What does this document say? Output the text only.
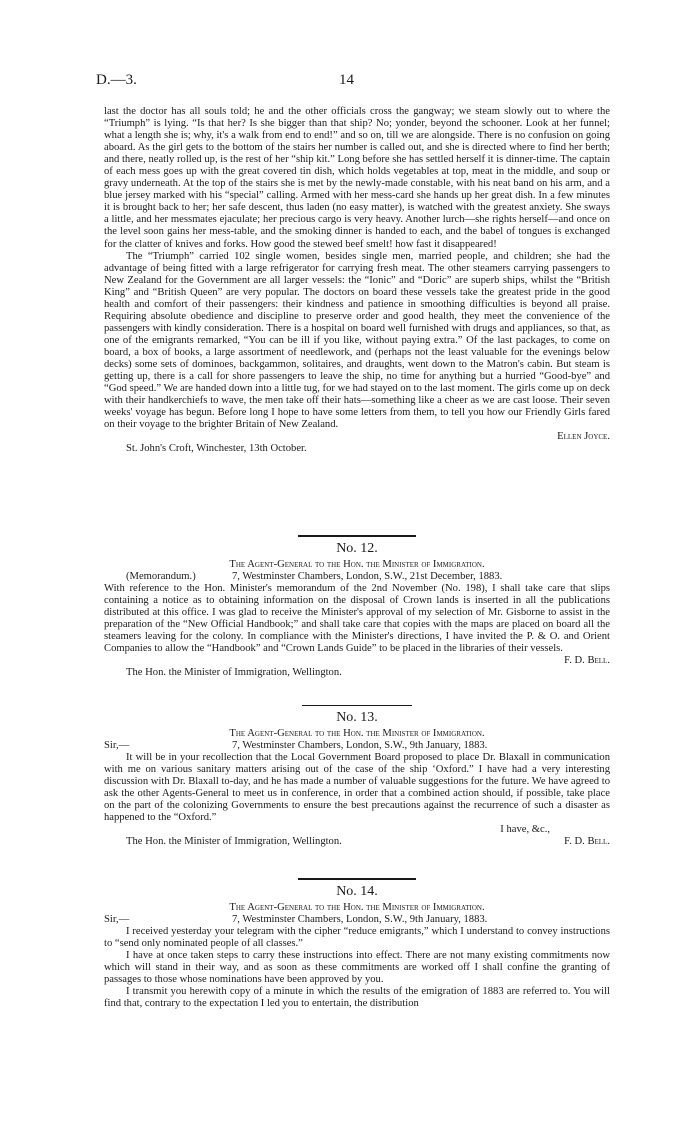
D.—3.	14

last the doctor has all souls told; he and the other officials cross the gangway; we steam slowly out to where the “Triumph” is lying. “Is that her? Is she bigger than that ship? No; yonder, beyond the schooner. Look at her funnel; what a length she is; why, it's a walk from end to end!” and so on, till we are alongside. There is no confusion on going aboard. As the girl gets to the bottom of the stairs her number is called out, and she is directed where to find her berth; and there, neatly rolled up, is the rest of her “ship kit.” Long before she has settled herself it is dinner-time. The captain of each mess goes up with the great covered tin dish, which holds vegetables at top, meat in the middle, and soup or gravy underneath. At the top of the stairs she is met by the newly-made constable, with his neat band on his arm, and a blue jersey marked with his “special” calling. Armed with her mess-card she hands up her great dish. In a few minutes it is brought back to her; her safe descent, thus laden (no easy matter), is watched with the greatest anxiety. She sways a little, and her messmates ejaculate; her precious cargo is very heavy. Another lurch—she rights herself—and once on the level soon gains her mess-table, and the smoking dinner is handed to each, and the babel of tongues is exchanged for the clatter of knives and forks. How good the stewed beef smelt! how fast it disappeared!

The “Triumph” carried 102 single women, besides single men, married people, and children; she had the advantage of being fitted with a large refrigerator for carrying fresh meat. The other steamers carrying passengers to New Zealand for the Government are all larger vessels: the “Ionic” and “Doric” are superb ships, whilst the “British King” and “British Queen” are very popular. The doctors on board these vessels take the greatest pride in the good health and comfort of their passengers: their kindness and patience in smoothing difficulties is beyond all praise. Requiring absolute obedience and discipline to preserve order and good health, they meet the convenience of the passengers with kindly consideration. There is a hospital on board well furnished with drugs and appliances, so that, as one of the emigrants remarked, “You can be ill if you like, without paying extra.” Of the last packages, to come on board, a box of books, a large assortment of needlework, and (perhaps not the least valuable for the evenings below decks) some sets of dominoes, backgammon, solitaires, and draughts, went down to the Matron's cabin. But steam is getting up, there is a call for shore passengers to leave the ship, no time for anything but a hurried “Good-bye” and “God speed.” We are handed down into a little tug, for we had stayed on to the last moment. The girls come up on deck with their handkerchiefs to wave, the men take off their hats—something like a cheer as we are cast loose. Their seven weeks' voyage has begun. Before long I hope to have some letters from them, to tell you how our Friendly Girls fared on their voyage to the brighter Britain of New Zealand.

Ellen Joyce.

St. John's Croft, Winchester, 13th October.

No. 12.
The Agent-General to the Hon. the Minister of Immigration.
(Memorandum.)	7, Westminster Chambers, London, S.W., 21st December, 1883.

With reference to the Hon. Minister's memorandum of the 2nd November (No. 198), I shall take care that slips containing a notice as to obtaining information on the disposal of Crown lands is inserted in all the publications distributed at this office. I was glad to receive the Minister's approval of my selection of Mr. Gisborne to assist in the preparation of the “New Official Handbook;” and shall take care that copies with the maps are placed on board all the steamers leaving for the colony. In compliance with the Minister's directions, I have invited the P. & O. and Orient Companies to allow the “Handbook” and “Crown Lands Guide” to be placed in the libraries of their vessels.

F. D. Bell.

The Hon. the Minister of Immigration, Wellington.

No. 13.
The Agent-General to the Hon. the Minister of Immigration.
Sir,—	7, Westminster Chambers, London, S.W., 9th January, 1883.

It will be in your recollection that the Local Government Board proposed to place Dr. Blaxall in communication with me on various sanitary matters arising out of the case of the ship ‘Oxford.” I have had a very interesting discussion with Dr. Blaxall to-day, and he has made a number of valuable suggestions for the future. We have agreed to ask the other Agents-General to meet us in conference, in order that a combined action should, if possible, take place on the part of the colonizing Governments to ensure the best precautions against the recurrence of such a disaster as happened to the “Oxford.”

I have, &c.,
The Hon. the Minister of Immigration, Wellington.	F. D. Bell.
No. 14.
The Agent-General to the Hon. the Minister of Immigration.
Sir,—	7, Westminster Chambers, London, S.W., 9th January, 1883.

I received yesterday your telegram with the cipher “reduce emigrants,” which I understand to convey instructions to “send only nominated people of all classes.”

I have at once taken steps to carry these instructions into effect. There are not many existing commitments now which will stand in their way, and as soon as these commitments are worked off I shall confine the granting of passages to those whose nominations have been approved by you.

I transmit you herewith copy of a minute in which the results of the emigration of 1883 are referred to. You will find that, contrary to the expectation I led you to entertain, the distribution
